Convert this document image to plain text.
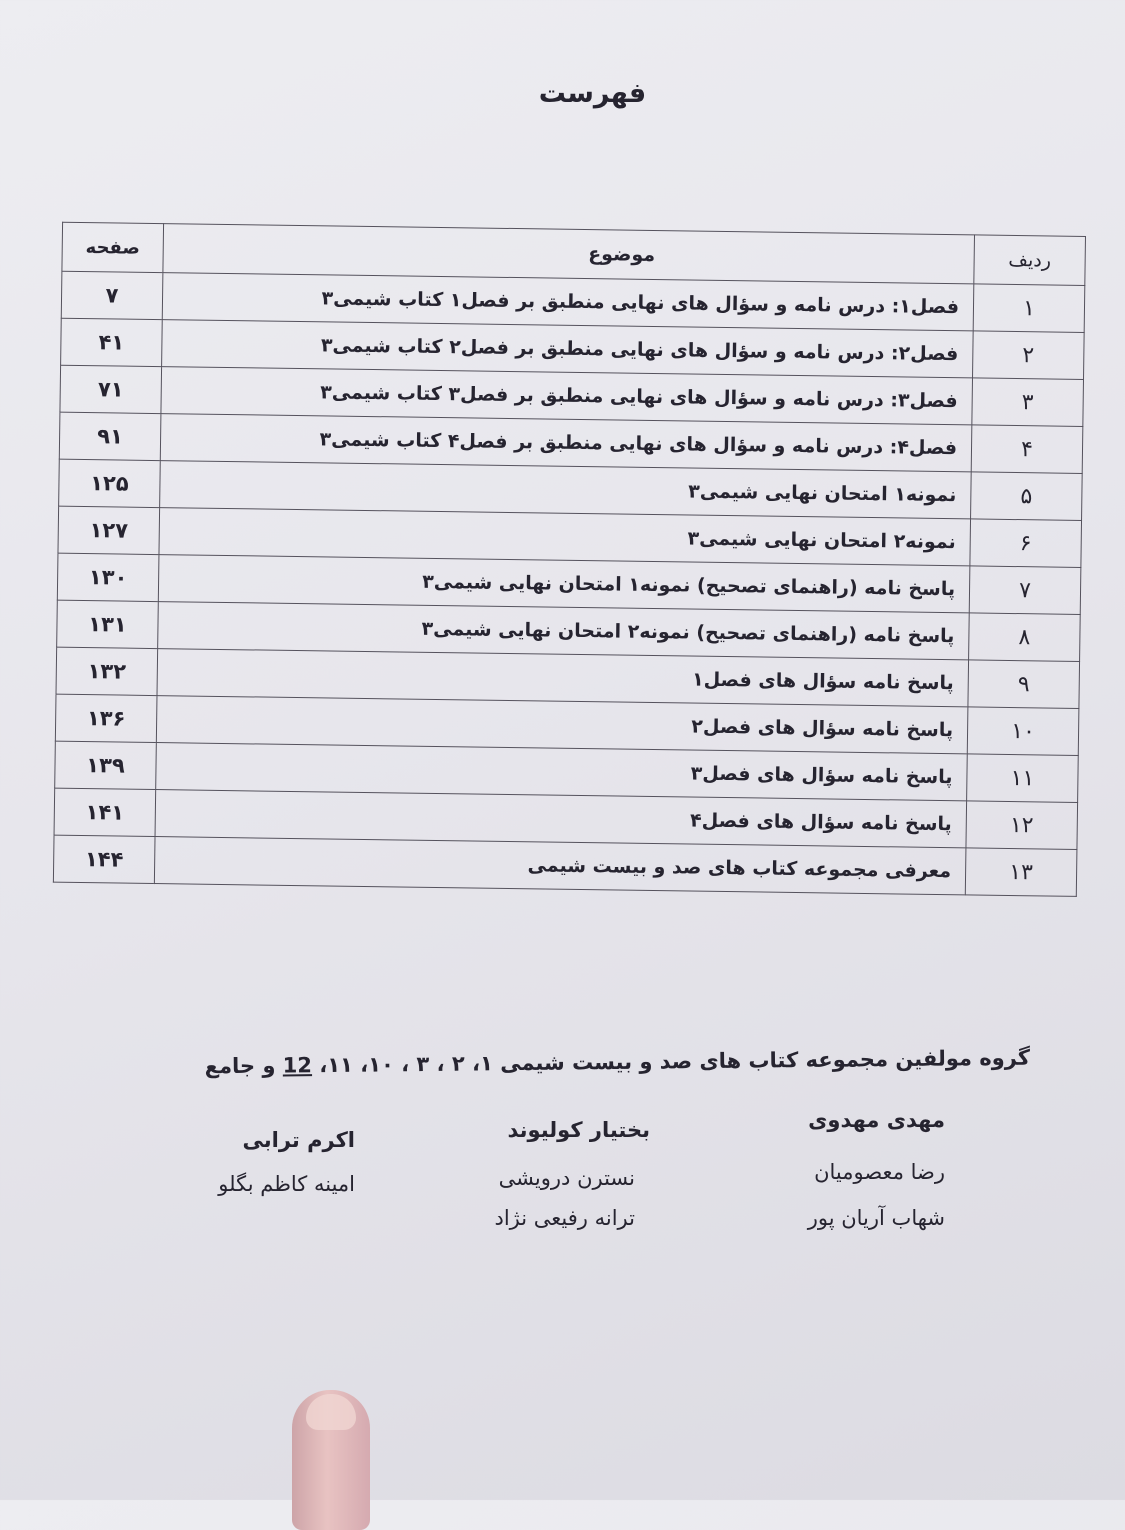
فهرست
ردیف	موضوع	صفحه
۱	فصل۱: درس نامه و سؤال های نهایی منطبق بر فصل۱ کتاب شیمی۳	۷
۲	فصل۲: درس نامه و سؤال های نهایی منطبق بر فصل۲ کتاب شیمی۳	۴۱
۳	فصل۳: درس نامه و سؤال های نهایی منطبق بر فصل۳ کتاب شیمی۳	۷۱
۴	فصل۴: درس نامه و سؤال های نهایی منطبق بر فصل۴ کتاب شیمی۳	۹۱
۵	نمونه۱ امتحان نهایی شیمی۳	۱۲۵
۶	نمونه۲ امتحان نهایی شیمی۳	۱۲۷
۷	پاسخ نامه (راهنمای تصحیح) نمونه۱ امتحان نهایی شیمی۳	۱۳۰
۸	پاسخ نامه (راهنمای تصحیح) نمونه۲ امتحان نهایی شیمی۳	۱۳۱
۹	پاسخ نامه سؤال های فصل۱	۱۳۲
۱۰	پاسخ نامه سؤال های فصل۲	۱۳۶
۱۱	پاسخ نامه سؤال های فصل۳	۱۳۹
۱۲	پاسخ نامه سؤال های فصل۴	۱۴۱
۱۳	معرفی مجموعه کتاب های صد و بیست شیمی	۱۴۴
گروه مولفین مجموعه کتاب های صد و بیست شیمی ۱، ۲ ، ۳ ، ۱۰، ۱۱، 12 و جامع
مهدی مهدوی
رضا معصومیان
شهاب آریان پور
بختیار کولیوند
نسترن درویشی
ترانه رفیعی نژاد
اکرم ترابی
امینه کاظم بگلو
